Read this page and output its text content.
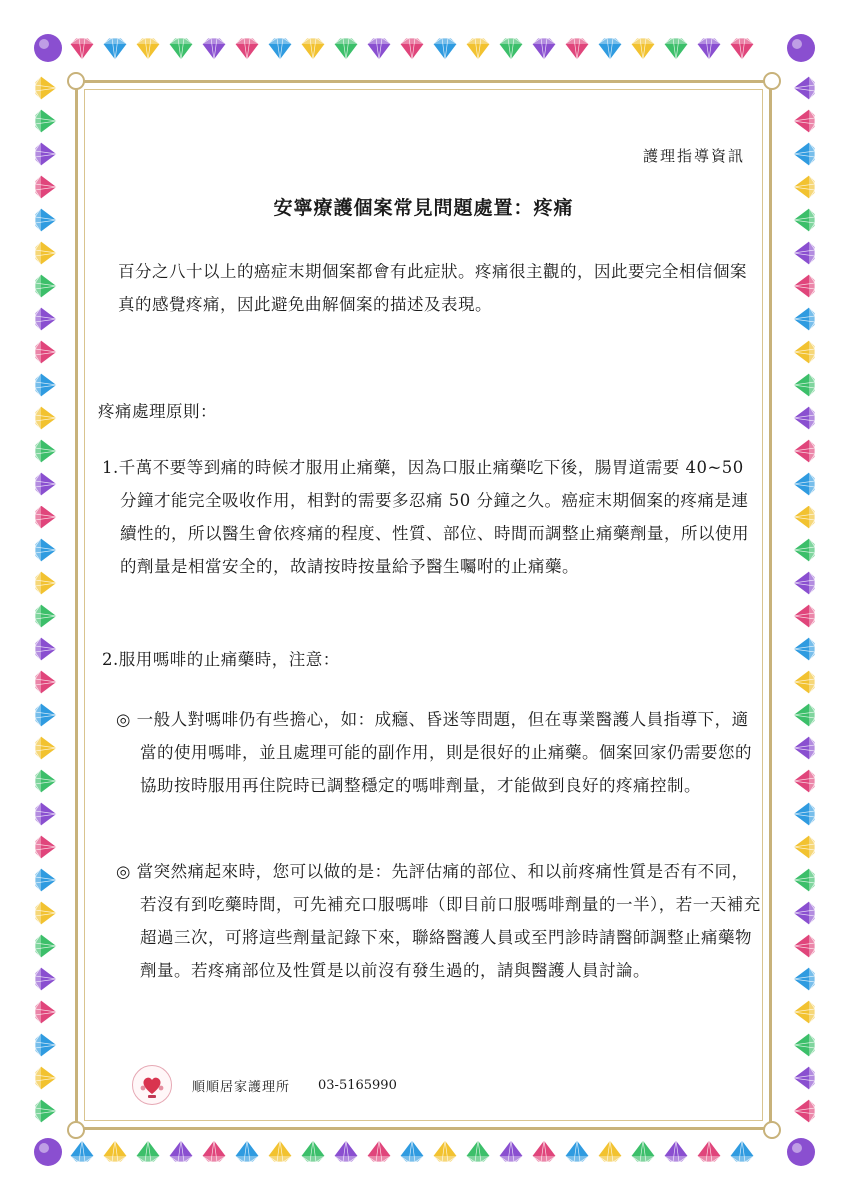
護理指導資訊
安寧療護個案常見問題處置：疼痛

百分之八十以上的癌症末期個案都會有此症狀。疼痛很主觀的，因此要完全相信個案真的感覺疼痛，因此避免曲解個案的描述及表現。

疼痛處理原則：

1.千萬不要等到痛的時候才服用止痛藥，因為口服止痛藥吃下後，腸胃道需要 40~50 分鐘才能完全吸收作用，相對的需要多忍痛 50 分鐘之久。癌症末期個案的疼痛是連續性的，所以醫生會依疼痛的程度、性質、部位、時間而調整止痛藥劑量，所以使用的劑量是相當安全的，故請按時按量給予醫生囑咐的止痛藥。

2.服用嗎啡的止痛藥時，注意：

◎ 一般人對嗎啡仍有些擔心，如：成癮、昏迷等問題，但在專業醫護人員指導下，適當的使用嗎啡，並且處理可能的副作用，則是很好的止痛藥。個案回家仍需要您的協助按時服用再住院時已調整穩定的嗎啡劑量，才能做到良好的疼痛控制。

◎ 當突然痛起來時，您可以做的是：先評估痛的部位、和以前疼痛性質是否有不同，若沒有到吃藥時間，可先補充口服嗎啡（即目前口服嗎啡劑量的一半），若一天補充超過三次，可將這些劑量記錄下來，聯絡醫護人員或至門診時請醫師調整止痛藥物劑量。若疼痛部位及性質是以前沒有發生過的，請與醫護人員討論。

順順居家護理所 03-5165990
